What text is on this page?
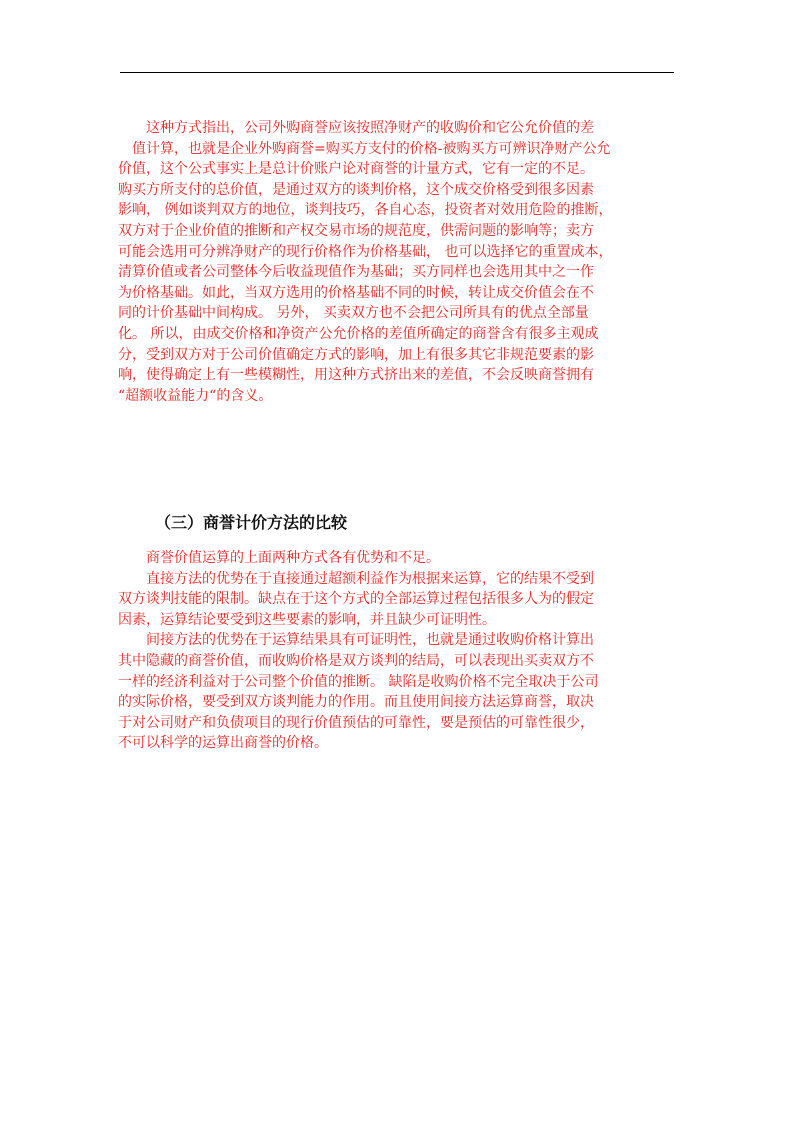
　　这种方式指出，公司外购商誉应该按照净财产的收购价和它公允价值的差
　值计算，也就是企业外购商誉=购买方支付的价格-被购买方可辨识净财产公允
价值，这个公式事实上是总计价账户论对商誉的计量方式，它有一定的不足。
购买方所支付的总价值，是通过双方的谈判价格，这个成交价格受到很多因素
影响， 例如谈判双方的地位，谈判技巧，各自心态，投资者对效用危险的推断，
双方对于企业价值的推断和产权交易市场的规范度，供需问题的影响等；卖方
可能会选用可分辨净财产的现行价格作为价格基础， 也可以选择它的重置成本，
清算价值或者公司整体今后收益现值作为基础；买方同样也会选用其中之一作
为价格基础。如此，当双方选用的价格基础不同的时候，转让成交价值会在不
同的计价基础中间构成。 另外， 买卖双方也不会把公司所具有的优点全部量
化。 所以，由成交价格和净资产公允价格的差值所确定的商誉含有很多主观成
分，受到双方对于公司价值确定方式的影响，加上有很多其它非规范要素的影
响，使得确定上有一些模糊性，用这种方式挤出来的差值，不会反映商誉拥有
“超额收益能力“的含义。
（三）商誉计价方法的比较
　　商誉价值运算的上面两种方式各有优势和不足。
　　直接方法的优势在于直接通过超额利益作为根据来运算，它的结果不受到
双方谈判技能的限制。缺点在于这个方式的全部运算过程包括很多人为的假定
因素，运算结论要受到这些要素的影响，并且缺少可证明性。
　　间接方法的优势在于运算结果具有可证明性，也就是通过收购价格计算出
其中隐藏的商誉价值，而收购价格是双方谈判的结局，可以表现出买卖双方不
一样的经济利益对于公司整个价值的推断。 缺陷是收购价格不完全取决于公司
的实际价格，要受到双方谈判能力的作用。而且使用间接方法运算商誉，取决
于对公司财产和负债项目的现行价值预估的可靠性，要是预估的可靠性很少，
不可以科学的运算出商誉的价格。
